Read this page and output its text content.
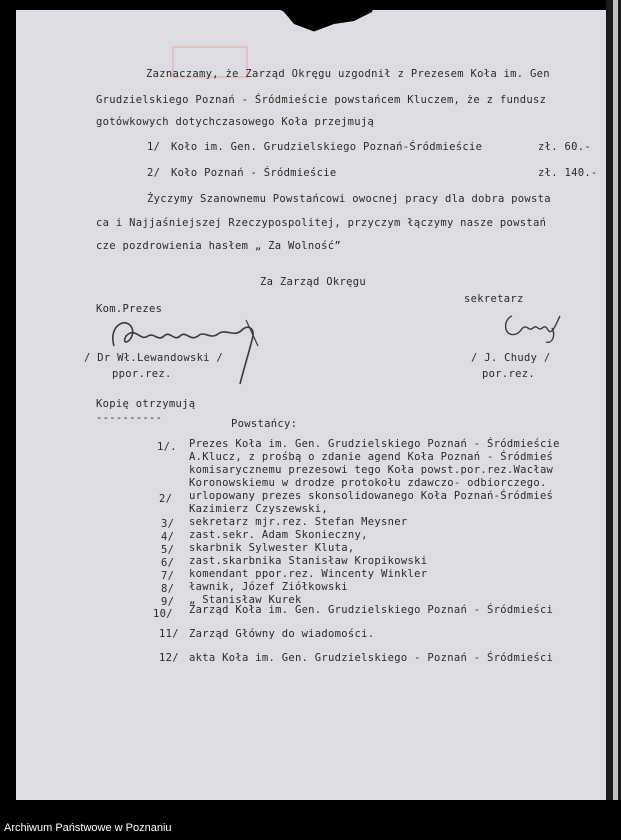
Zaznaczamy, że Zarząd Okręgu uzgodnił z Prezesem Koła im. Gen
Grudzielskiego Poznań - Śródmieście powstańcem Kluczem, że z fundusz
gotówkowych dotychczasowego Koła przejmują
1/ Koło im. Gen. Grudzielskiego Poznań-Śródmieście	zł. 60.-
2/ Koło Poznań - Śródmieście	zł. 140.-
Życzymy Szanownemu Powstańcowi owocnej pracy dla dobra powsta
ca i Najjaśniejszej Rzeczypospolitej, przyczym łączymy nasze powstań
cze pozdrowienia hasłem „ Za Wolność”
Za Zarząd Okręgu
Kom.Prezes
/ Dr Wł.Lewandowski /
ppor.rez.
sekretarz
/ J. Chudy /
por.rez.
Kopię otrzymują
----------	Powstańcy:
1/. Prezes Koła im. Gen. Grudzielskiego Poznań - Śródmieście
A.Klucz, z prośbą o zdanie agend Koła Poznań - Śródmieś
komisarycznemu prezesowi tego Koła powst.por.rez.Wacław
Koronowskiemu w drodze protokołu zdawczo- odbiorczego.
2/ urlopowany prezes skonsolidowanego Koła Poznań-Śródmieś
Kazimierz Czyszewski,
3/ sekretarz mjr.rez. Stefan Meysner
4/ zast.sekr. Adam Skonieczny,
5/ skarbnik Sylwester Kluta,
6/ zast.skarbnika Stanisław Kropikowski
7/ komendant ppor.rez. Wincenty Winkler
8/ ławnik, Józef Ziółkowski
9/ „ Stanisław Kurek
10/ Zarząd Koła im. Gen. Grudzielskiego Poznań - Śródmieści
11/ Zarząd Główny do wiadomości.
12/ akta Koła im. Gen. Grudzielskiego - Poznań - Śródmieści
Archiwum Państwowe w Poznaniu
